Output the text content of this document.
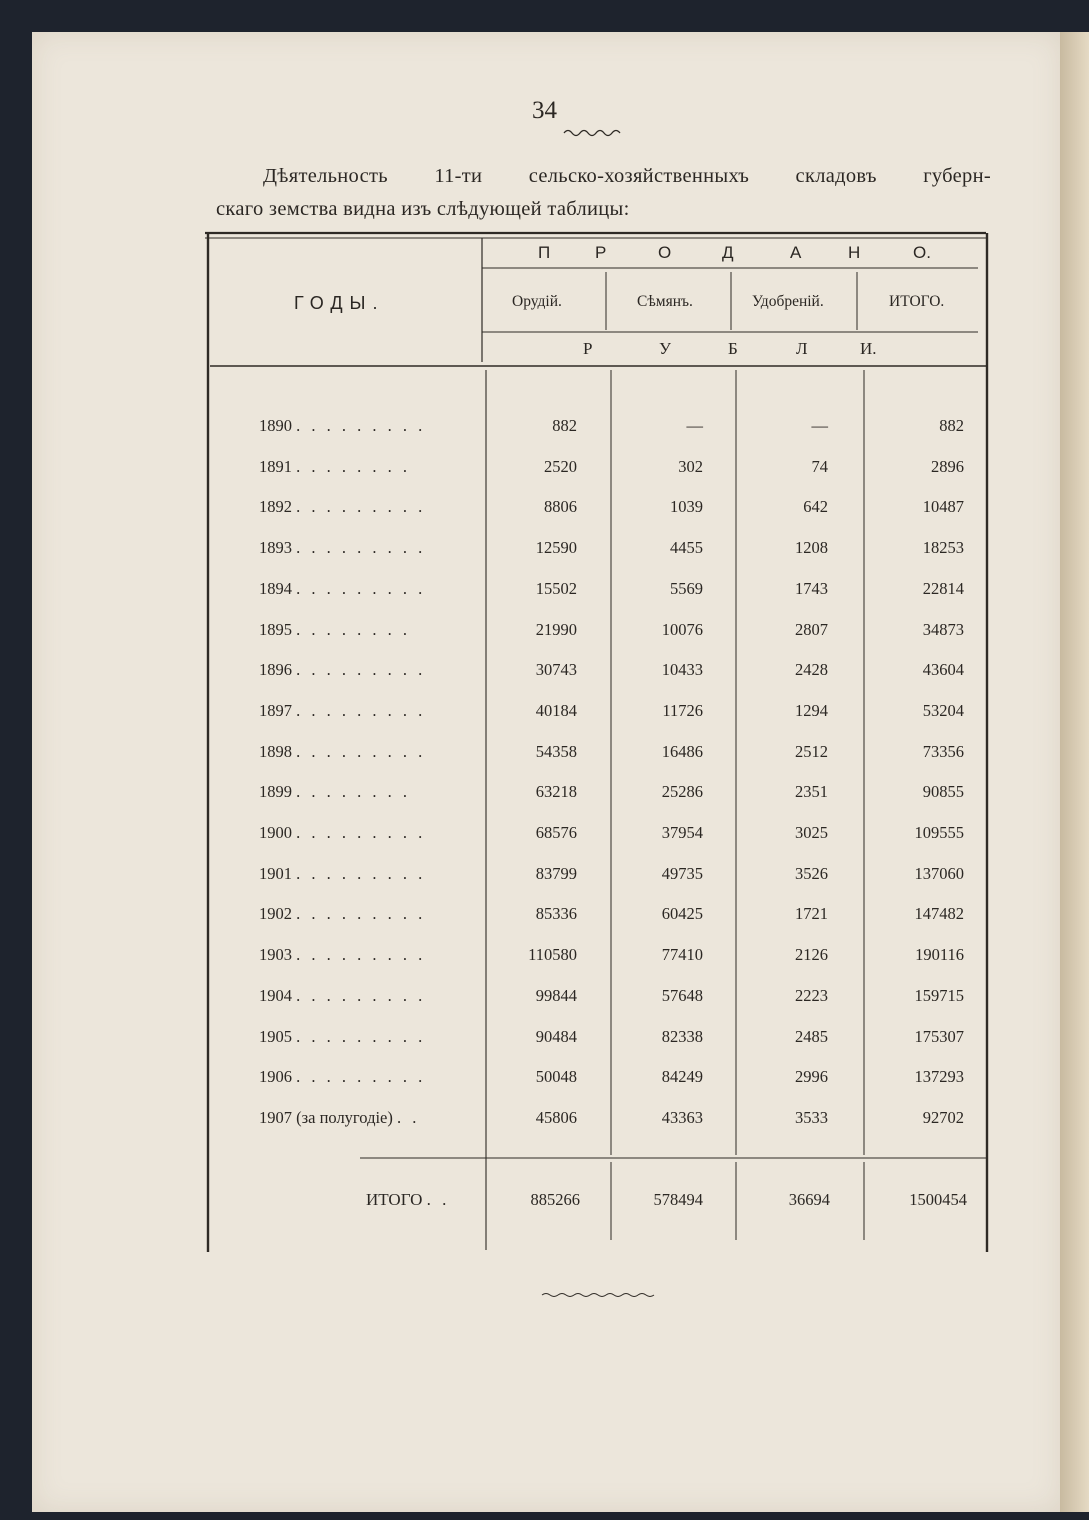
34
Дѣятельность 11-ти сельско-хозяйственныхъ складовъ губерн-
скаго земства видна изъ слѣдующей таблицы:
ГОДЫ.
П	Р	О	Д	А	Н	О.
Орудій.	Сѣмянъ.	Удобреній.	ИТОГО.
Р	У	Б	Л	И.
1890 . . . . . . . . .	882	—	—	882
1891 . . . . . . . .	2520	302	74	2896
1892 . . . . . . . . .	8806	1039	642	10487
1893 . . . . . . . . .	12590	4455	1208	18253
1894 . . . . . . . . .	15502	5569	1743	22814
1895 . . . . . . . .	21990	10076	2807	34873
1896 . . . . . . . . .	30743	10433	2428	43604
1897 . . . . . . . . .	40184	11726	1294	53204
1898 . . . . . . . . .	54358	16486	2512	73356
1899 . . . . . . . .	63218	25286	2351	90855
1900 . . . . . . . . .	68576	37954	3025	109555
1901 . . . . . . . . .	83799	49735	3526	137060
1902 . . . . . . . . .	85336	60425	1721	147482
1903 . . . . . . . . .	110580	77410	2126	190116
1904 . . . . . . . . .	99844	57648	2223	159715
1905 . . . . . . . . .	90484	82338	2485	175307
1906 . . . . . . . . .	50048	84249	2996	137293
1907 (за полугодіе) . .	45806	43363	3533	92702
ИТОГО . .	885266	578494	36694	1500454
